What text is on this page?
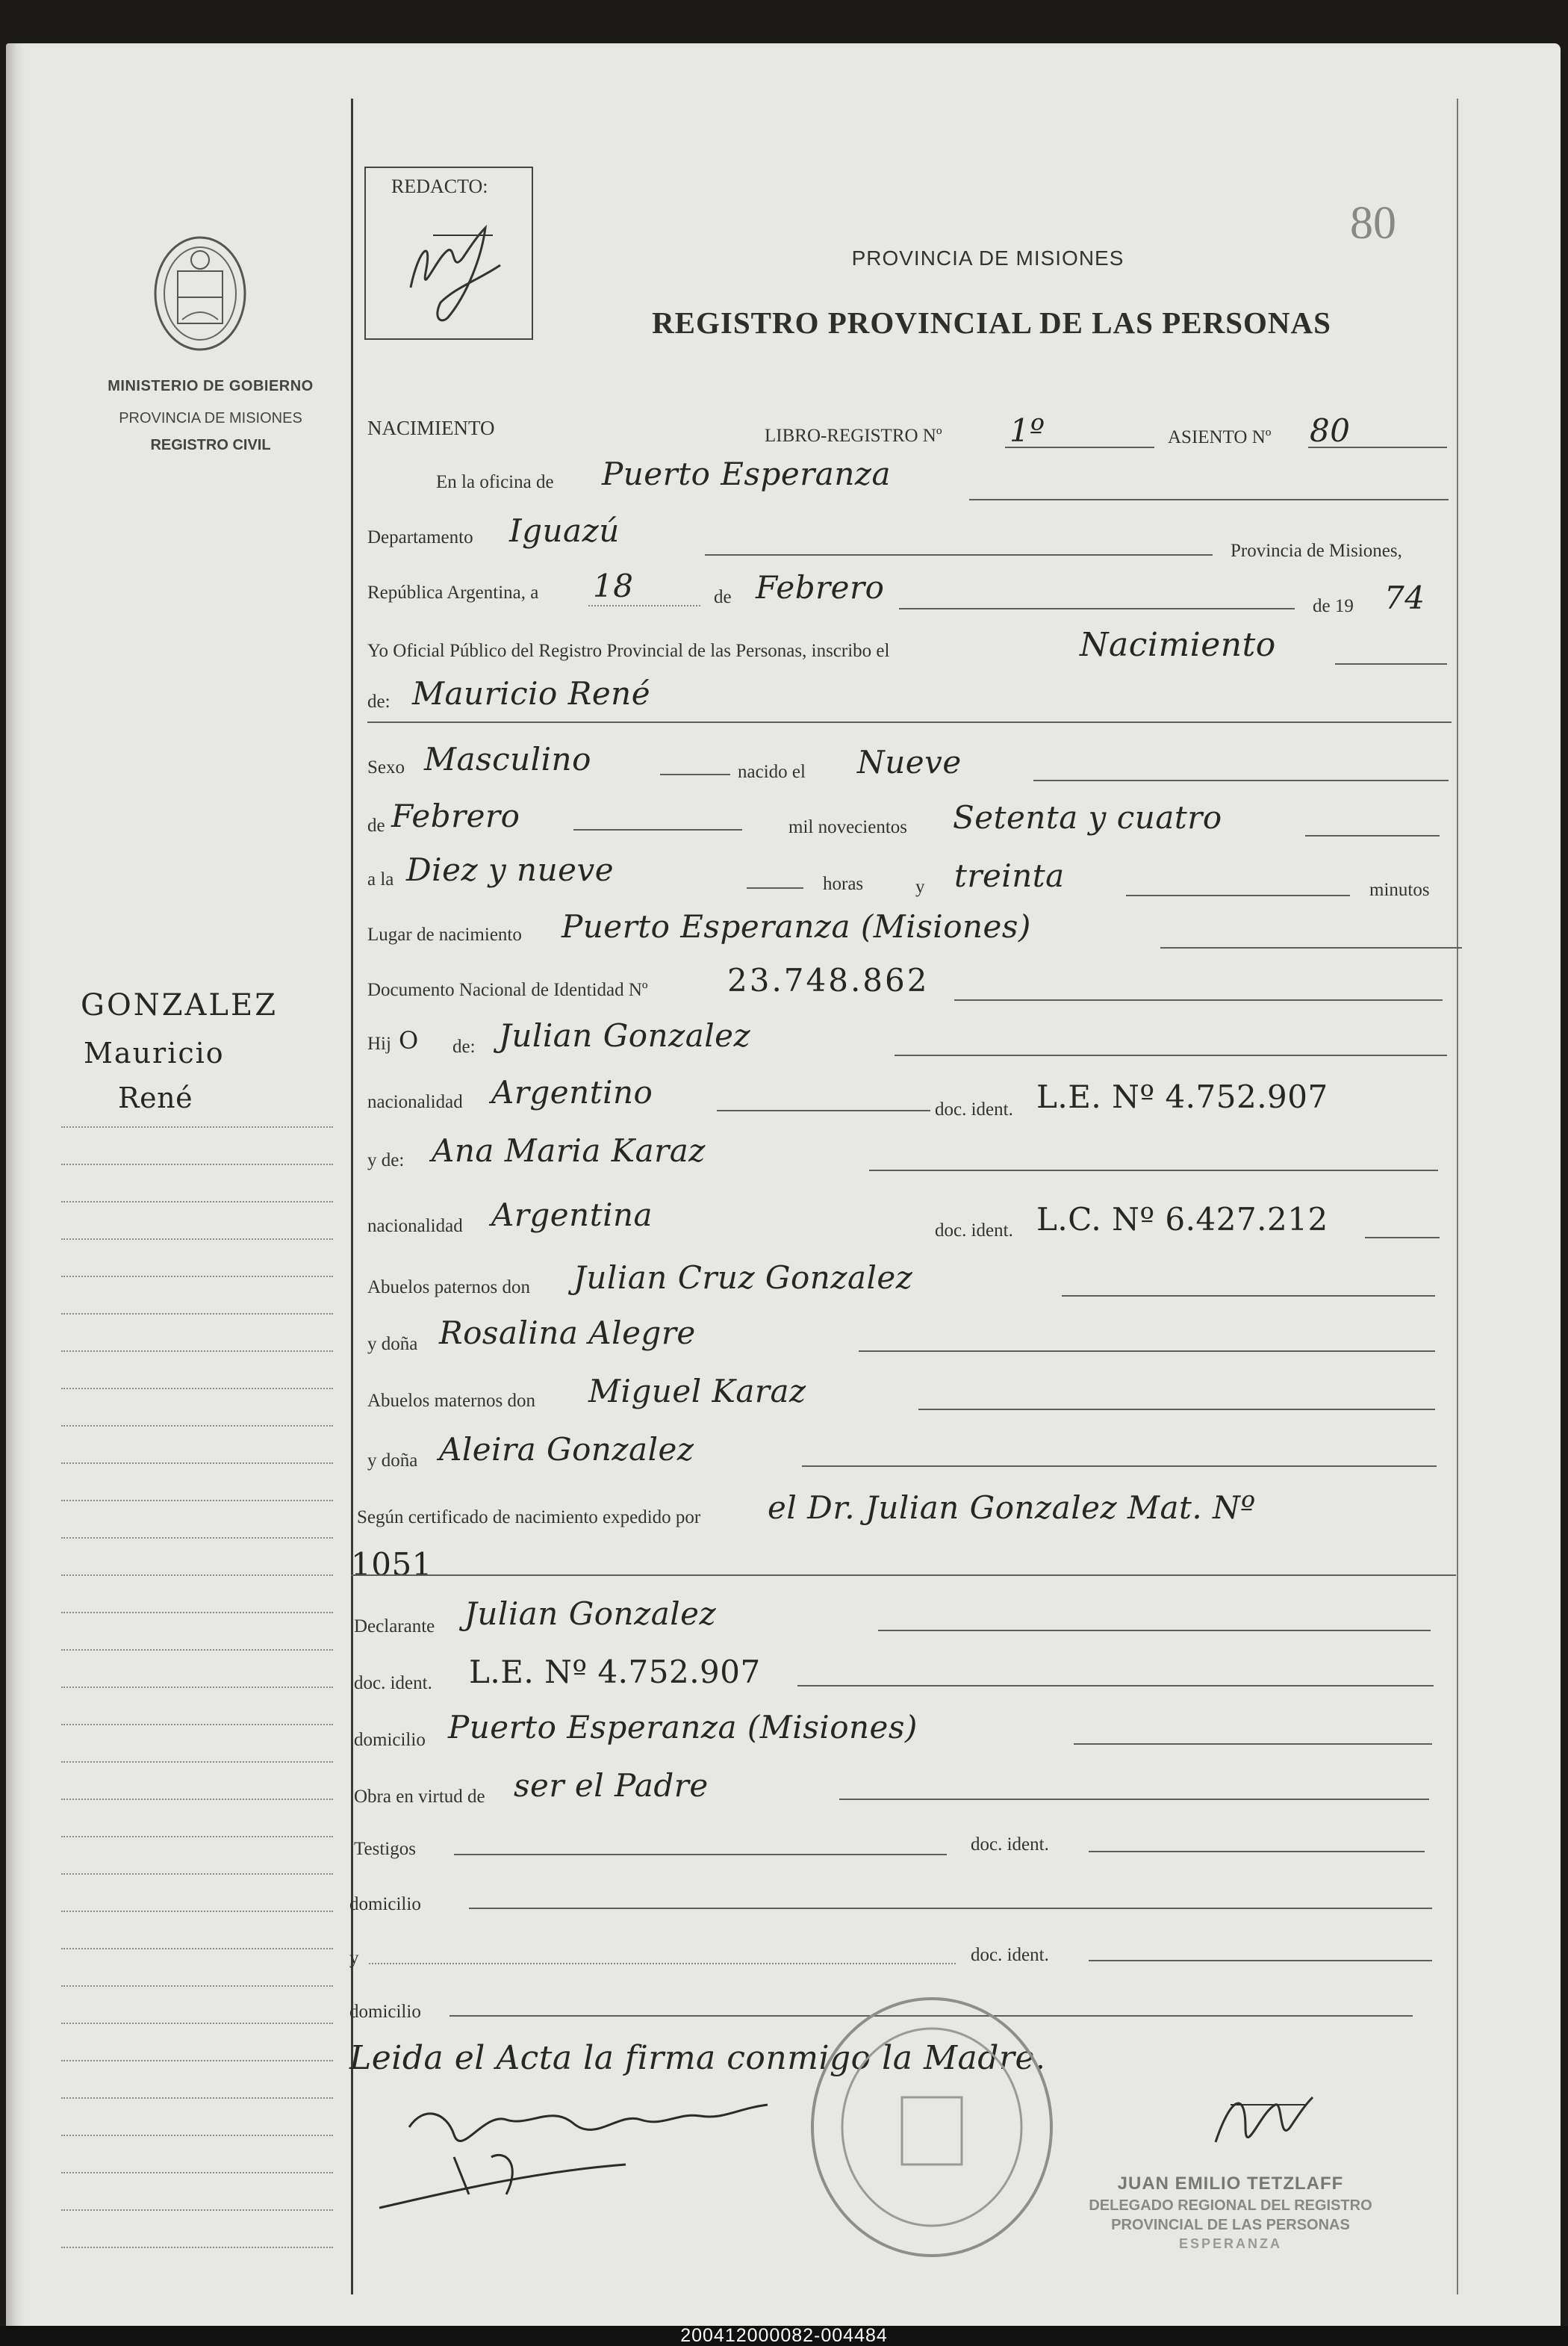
MINISTERIO DE GOBIERNO
PROVINCIA DE MISIONES
REGISTRO CIVIL
GONZALEZ
Mauricio
René
REDACTO:
80
PROVINCIA DE MISIONES
REGISTRO PROVINCIAL DE LAS PERSONAS
NACIMIENTO	LIBRO-REGISTRO Nº 1º	ASIENTO Nº 80
En la oficina de Puerto Esperanza
Departamento Iguazú
Provincia de Misiones,
República Argentina, a 18	de Febrero
de 19 74
Yo Oficial Público del Registro Provincial de las Personas, inscribo el	Nacimiento
de: Mauricio René
Sexo Masculino	nacido el Nueve
de Febrero	mil novecientos Setenta y cuatro
a la Diez y nueve	horas	y treinta	minutos
Lugar de nacimiento Puerto Esperanza (Misiones)
Documento Nacional de Identidad Nº	23.748.862
Hij O de: Julian Gonzalez
nacionalidad Argentino	doc. ident. L.E. Nº 4.752.907
y de: Ana Maria Karaz
nacionalidad Argentina	doc. ident. L.C. Nº 6.427.212
Abuelos paternos don Julian Cruz Gonzalez
y doña Rosalina Alegre
Abuelos maternos don Miguel Karaz
y doña Aleira Gonzalez
Según certificado de nacimiento expedido por el Dr. Julian Gonzalez Mat. Nº
1051
Declarante Julian Gonzalez
doc. ident. L.E. Nº 4.752.907
domicilio Puerto Esperanza (Misiones)
Obra en virtud de ser el Padre
Testigos	doc. ident.
domicilio
y	doc. ident.
domicilio
Leida el Acta la firma conmigo la Madre.
JUAN EMILIO TETZLAFF
DELEGADO REGIONAL DEL REGISTRO
PROVINCIAL DE LAS PERSONAS
ESPERANZA
200412000082-004484
